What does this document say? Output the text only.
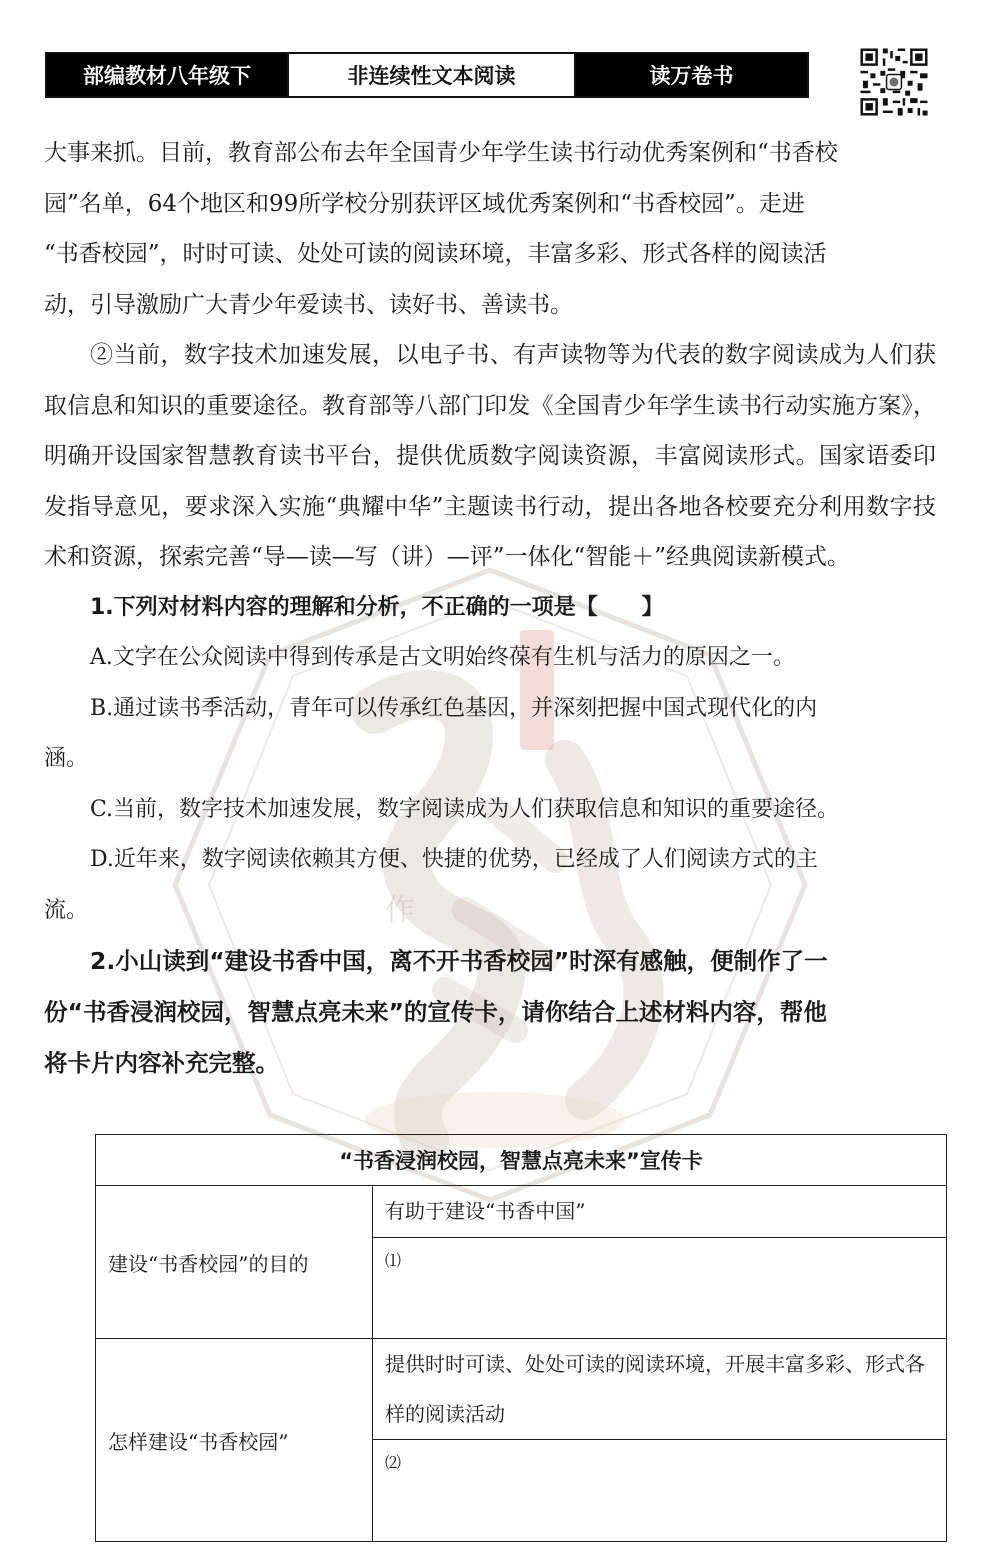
作
部编教材八年级下	非连续性文本阅读	读万卷书

大事来抓。目前，教育部公布去年全国青少年学生读书行动优秀案例和“书香校

园”名单，64个地区和99所学校分别获评区域优秀案例和“书香校园”。走进

“书香校园”，时时可读、处处可读的阅读环境，丰富多彩、形式各样的阅读活

动，引导激励广大青少年爱读书、读好书、善读书。

②当前，数字技术加速发展，以电子书、有声读物等为代表的数字阅读成为人们获取信息和知识的重要途径。教育部等八部门印发《全国青少年学生读书行动实施方案》，明确开设国家智慧教育读书平台，提供优质数字阅读资源，丰富阅读形式。国家语委印发指导意见，要求深入实施“典耀中华”主题读书行动，提出各地各校要充分利用数字技术和资源，探索完善“导—读—写（讲）—评”一体化“智能＋”经典阅读新模式。

1.下列对材料内容的理解和分析，不正确的一项是【　　】

A.文字在公众阅读中得到传承是古文明始终葆有生机与活力的原因之一。

B.通过读书季活动，青年可以传承红色基因，并深刻把握中国式现代化的内

涵。

C.当前，数字技术加速发展，数字阅读成为人们获取信息和知识的重要途径。

D.近年来，数字阅读依赖其方便、快捷的优势，已经成了人们阅读方式的主

流。

2.小山读到“建设书香中国，离不开书香校园”时深有感触，便制作了一

份“书香浸润校园，智慧点亮未来”的宣传卡，请你结合上述材料内容，帮他

将卡片内容补充完整。

“书香浸润校园，智慧点亮未来”宣传卡	
建设“书香校园”的目的	有助于建设“书香中国”
	⑴
怎样建设“书香校园”	提供时时可读、处处可读的阅读环境，开展丰富多彩、形式各样的阅读活动
	⑵
